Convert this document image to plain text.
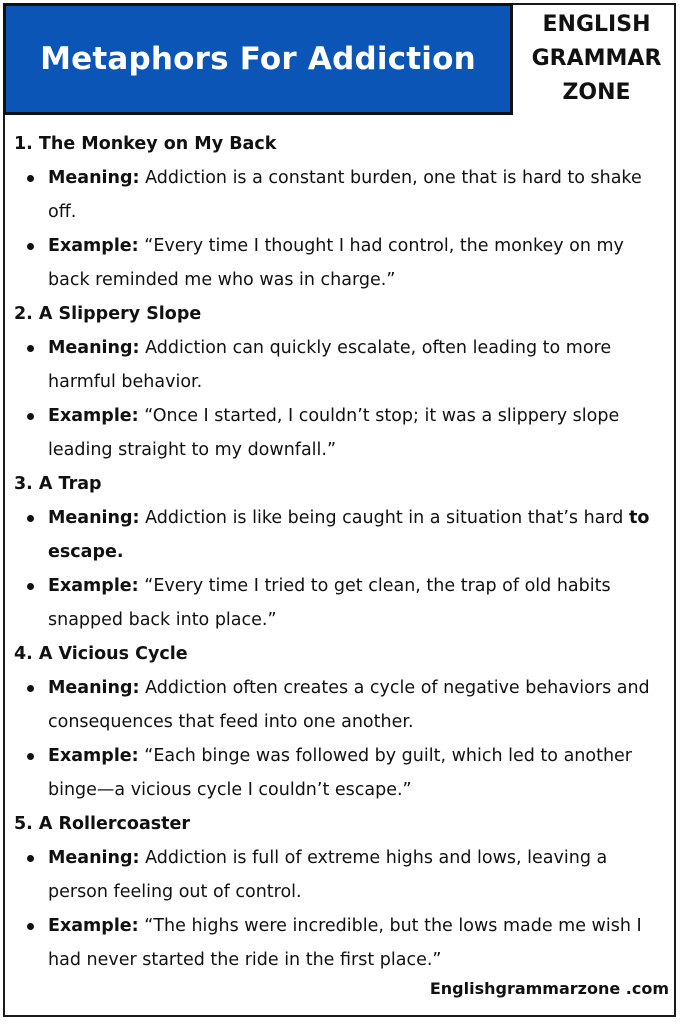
Metaphors For Addiction
ENGLISH
GRAMMAR
ZONE

1. The Monkey on My Back

Meaning: Addiction is a constant burden, one that is hard to shake off.
Example: “Every time I thought I had control, the monkey on my back reminded me who was in charge.”

2. A Slippery Slope

Meaning: Addiction can quickly escalate, often leading to more harmful behavior.
Example: “Once I started, I couldn’t stop; it was a slippery slope leading straight to my downfall.”

3. A Trap

Meaning: Addiction is like being caught in a situation that’s hard to escape.
Example: “Every time I tried to get clean, the trap of old habits snapped back into place.”

4. A Vicious Cycle

Meaning: Addiction often creates a cycle of negative behaviors and consequences that feed into one another.
Example: “Each binge was followed by guilt, which led to another binge—a vicious cycle I couldn’t escape.”

5. A Rollercoaster

Meaning: Addiction is full of extreme highs and lows, leaving a person feeling out of control.
Example: “The highs were incredible, but the lows made me wish I had never started the ride in the first place.”
Englishgrammarzone .com
